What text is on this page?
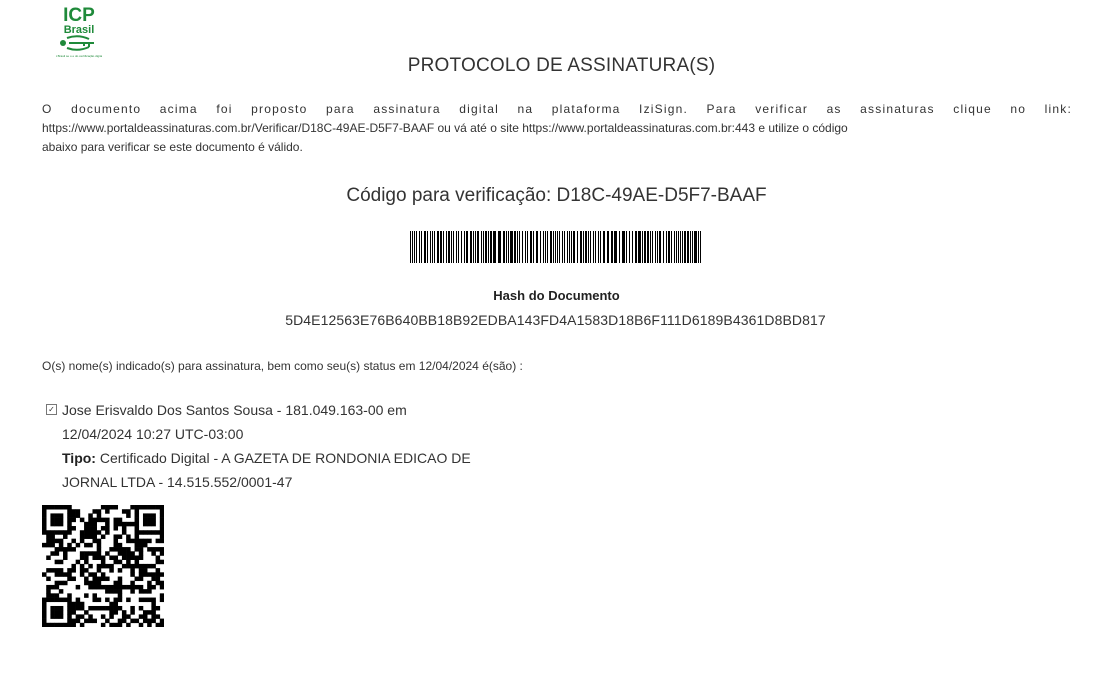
ICP
Brasil
A Brasil se o e do certificação digital	PROTOCOLO DE ASSINATURA(S)
O documento acima foi proposto para assinatura digital na plataforma IziSign. Para verificar as assinaturas clique no link:
https://www.portaldeassinaturas.com.br/Verificar/D18C-49AE-D5F7-BAAF ou vá até o site https://www.portaldeassinaturas.com.br:443 e utilize o código
abaixo para verificar se este documento é válido.
Código para verificação: D18C-49AE-D5F7-BAAF
Hash do Documento
5D4E12563E76B640BB18B92EDBA143FD4A1583D18B6F111D6189B4361D8BD817
O(s) nome(s) indicado(s) para assinatura, bem como seu(s) status em 12/04/2024 é(são) :
✓ Jose Erisvaldo Dos Santos Sousa - 181.049.163-00 em
12/04/2024 10:27 UTC-03:00
Tipo: Certificado Digital - A GAZETA DE RONDONIA EDICAO DE
JORNAL LTDA - 14.515.552/0001-47
